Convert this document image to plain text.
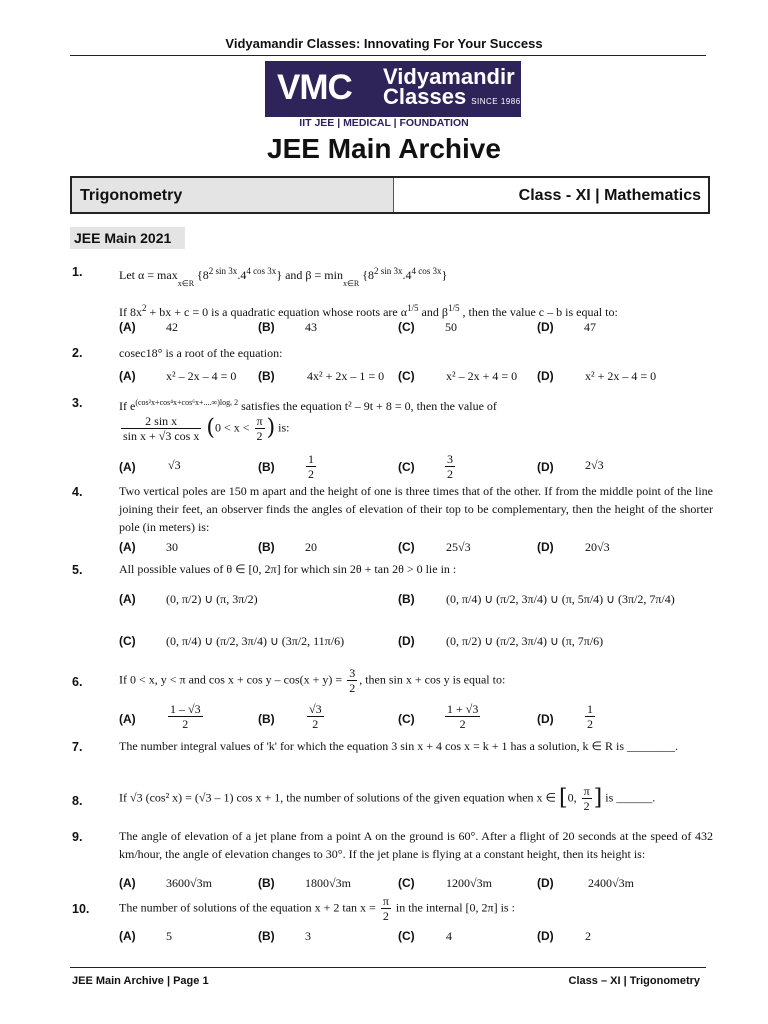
Vidyamandir Classes: Innovating For Your Success
VMC Vidyamandir
Classes SINCE 1986
IIT JEE | MEDICAL | FOUNDATION
JEE Main Archive
Trigonometry	Class - XI | Mathematics
JEE Main 2021
1.	Let $\alpha = \max_{x\in R} \{8^{2 sin 3x}.4^{4 cos 3x}\}$ and $\beta = \min_{x\in R} \{8^{2 sin 3x}.4^{4 cos 3x}\}$
If $8x^2$ + bx + c = 0 is a quadratic equation whose roots are $\alpha^{1/5}$ and $\beta^{1/5}$ , then the value c – b is equal to:
(A)	42	(B)	43	(C)	50	(D)	47
2.	cosec18° is a root of the equation:
(A)	x² – 2x – 4 = 0 (B)	4x² + 2x – 1 = 0 (C)	x² – 2x + 4 = 0 (D)	x² + 2x – 4 = 0
3.	If $e^{(cos^2x+cos^4x+cos^6x+....\infty)log_e 2}$ satisfies the equation t² – 9t + 8 = 0, then the value of
$\frac{\text{2 sin x}}{\text{sin x + √3 cos x}} (0 < x < \frac{\pi}{2}$ ) is:
(A)	√3	(B)	$\frac{1}{2}$	(C)	$\frac{3}{2}$	(D)	2√3
4.	Two vertical poles are 150 m apart and the height of one is three times that of the other. If from the middle point of the line joining their feet, an observer finds the angles of elevation of their top to be complementary, then the height of the shorter pole (in meters) is:
(A)	30	(B)	20	(C)	25√3	(D)	20√3
5.	All possible values of θ ∈ [0, 2π] for which sin 2θ + tan 2θ > 0 lie in :
(A)	(0, π/2) ∪ (π, 3π/2)	(B)	(0, π/4) ∪ (π/2, 3π/4) ∪ (π, 5π/4) ∪ (3π/2, 7π/4)
(C)	(0, π/4) ∪ (π/2, 3π/4) ∪ (3π/2, 11π/6)	(D)	(0, π/2) ∪ (π/2, 3π/4) ∪ (π, 7π/6)
6.	If 0 < x, y < π and $\cos x + \cos y - \cos(x + y) = \frac{3}{2}$ , then sin x + cos y is equal to:
(A)	$\frac{1 - √3}{2}$	(B)	$\frac{√3}{2}$	(C)	$\frac{1 + √3}{2}$	(D)	$\frac{1}{2}$
7.	The number integral values of 'k' for which the equation 3 sin x + 4 cos x = k + 1 has a solution, k ∈ R is ________.
8.	If √3 (cos² x) = (√3 – 1) cos x + 1, the number of solutions of the given equation when x ∈ [0, $\frac{\pi}{2}$ ] is ______.
9.	The angle of elevation of a jet plane from a point A on the ground is 60°. After a flight of 20 seconds at the speed of 432 km/hour, the angle of elevation changes to 30°. If the jet plane is flying at a constant height, then its height is:
(A)	3600√3m	(B)	1800√3m	(C)	1200√3m	(D)	2400√3m
10. The number of solutions of the equation x + 2 $\tan x = \frac{\pi}{2}$ in the internal [0, 2π] is :
(A)	5	(B)	3	(C)	4	(D)	2
JEE Main Archive | Page 1	Class – XI | Trigonometry
